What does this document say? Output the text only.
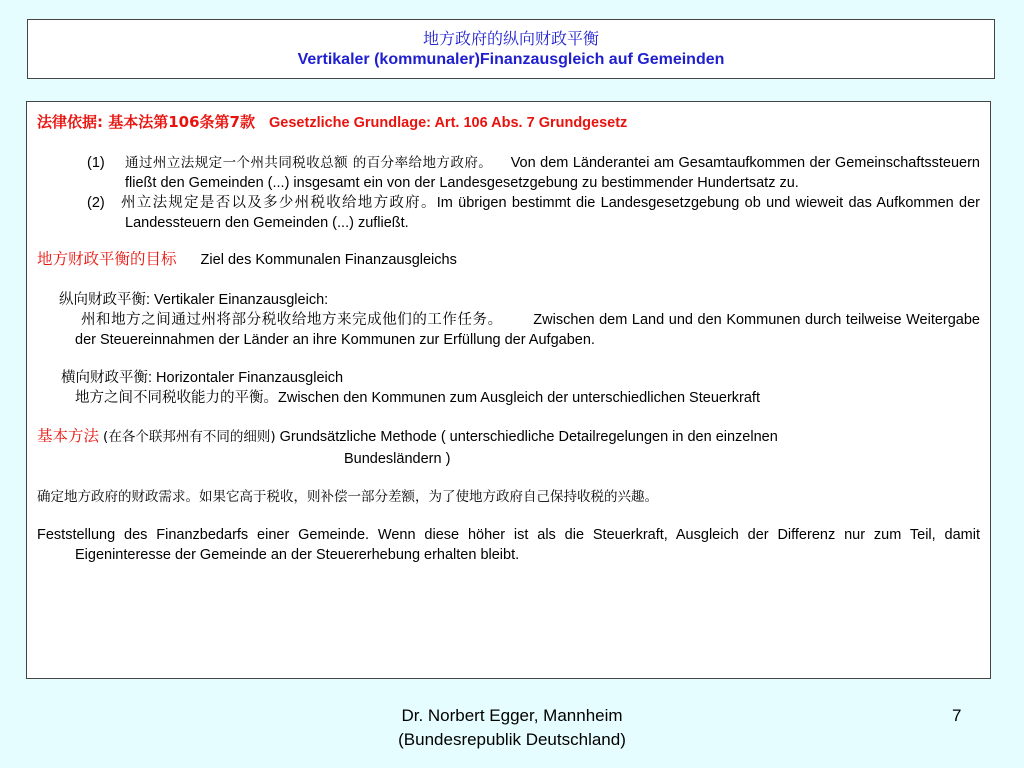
地方政府的纵向财政平衡
Vertikaler (kommunaler)Finanzausgleich auf Gemeinden
法律依据: 基本法第106条第7款 Gesetzliche Grundlage: Art. 106 Abs. 7 Grundgesetz
(1) 通过州立法规定一个州共同税收总额 的百分率给地方政府。 Von dem Länderantei am Gesamtaufkommen der Gemeinschaftssteuern fließt den Gemeinden (...) insgesamt ein von der Landesgesetzgebung zu bestimmender Hundertsatz zu.
(2) 州立法规定是否以及多少州税收给地方政府。Im übrigen bestimmt die Landesgesetzgebung ob und wieweit das Aufkommen der Landessteuern den Gemeinden (...) zufließt.
地方财政平衡的目标 Ziel des Kommunalen Finanzausgleichs
纵向财政平衡: Vertikaler Einanzausgleich:
州和地方之间通过州将部分税收给地方来完成他们的工作任务。 Zwischen dem Land und den Kommunen durch teilweise Weitergabe der Steuereinnahmen der Länder an ihre Kommunen zur Erfüllung der Aufgaben.
横向财政平衡: Horizontaler Finanzausgleich
地方之间不同税收能力的平衡。Zwischen den Kommunen zum Ausgleich der unterschiedlichen Steuerkraft
基本方法 (在各个联邦州有不同的细则) Grundsätzliche Methode ( unterschiedliche Detailregelungen in den einzelnen
Bundesländern )
确定地方政府的财政需求。如果它高于税收，则补偿一部分差额，为了使地方政府自己保持收税的兴趣。
Feststellung des Finanzbedarfs einer Gemeinde. Wenn diese höher ist als die Steuerkraft, Ausgleich der Differenz nur zum Teil, damit Eigeninteresse der Gemeinde an der Steuererhebung erhalten bleibt.
Dr. Norbert Egger, Mannheim
(Bundesrepublik Deutschland)
7
